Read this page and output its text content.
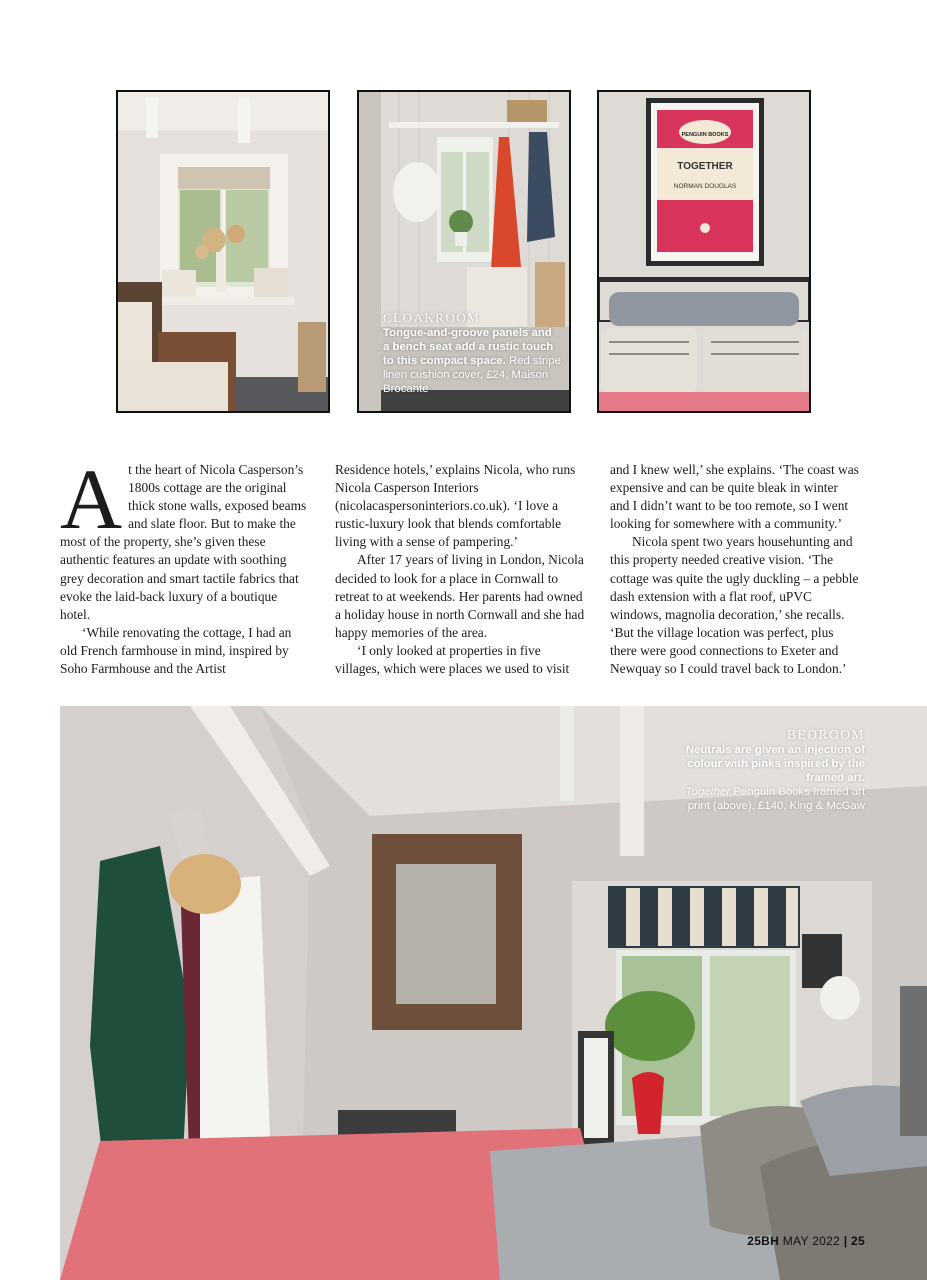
PENGUIN BOOKS
TOGETHER
NORMAN DOUGLAS
CLOAKROOM
Tongue-and-groove panels and a bench seat add a rustic touch to this compact space. Red stripe linen cushion cover, £24, Maison Brocante
A t the heart of Nicola Casperson’s 1800s cottage are the original thick stone walls, exposed beams and slate floor. But to make the most of the property, she’s given these authentic features an update with soothing grey decoration and smart tactile fabrics that evoke the laid-back luxury of a boutique hotel.

‘While renovating the cottage, I had an old French farmhouse in mind, inspired by Soho Farmhouse and the Artist

Residence hotels,’ explains Nicola, who runs Nicola Casperson Interiors (nicolacaspersoninteriors.co.uk). ‘I love a rustic-luxury look that blends comfortable living with a sense of pampering.’

After 17 years of living in London, Nicola decided to look for a place in Cornwall to retreat to at weekends. Her parents had owned a holiday house in north Cornwall and she had happy memories of the area.

‘I only looked at properties in five villages, which were places we used to visit

and I knew well,’ she explains. ‘The coast was expensive and can be quite bleak in winter and I didn’t want to be too remote, so I went looking for somewhere with a community.’

Nicola spent two years househunting and this property needed creative vision. ‘The cottage was quite the ugly duckling – a pebble dash extension with a flat roof, uPVC windows, magnolia decoration,’ she recalls. ‘But the village location was perfect, plus there were good connections to Exeter and Newquay so I could travel back to London.’

BEDROOM
Neutrals are given an injection of colour with pinks inspired by the framed art.
Together Penguin Books framed art print (above), £140, King & McGaw
25BH MAY 2022 | 25
